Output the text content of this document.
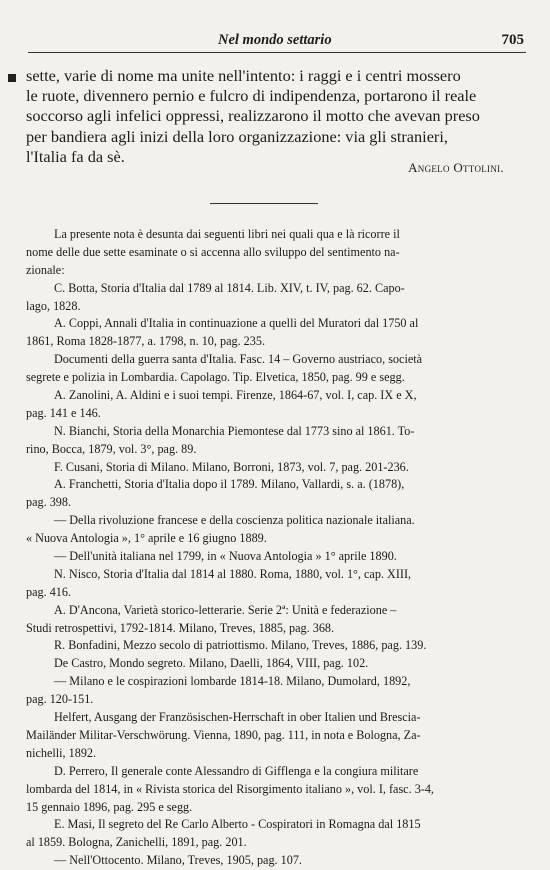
Nel mondo settario	705
sette, varie di nome ma unite nell'intento: i raggi e i centri mossero
le ruote, divennero pernio e fulcro di indipendenza, portarono il reale
soccorso agli infelici oppressi, realizzarono il motto che avevan preso
per bandiera agli inizi della loro organizzazione: via gli stranieri,
l'Italia fa da sè.
Angelo Ottolini.
La presente nota è desunta dai seguenti libri nei quali qua e là ricorre il
nome delle due sette esaminate o si accenna allo sviluppo del sentimento na-
zionale:
C. Botta, Storia d'Italia dal 1789 al 1814. Lib. XIV, t. IV, pag. 62. Capo-
lago, 1828.
A. Coppi, Annali d'Italia in continuazione a quelli del Muratori dal 1750 al
1861, Roma 1828-1877, a. 1798, n. 10, pag. 235.
Documenti della guerra santa d'Italia. Fasc. 14 – Governo austriaco, società
segrete e polizia in Lombardia. Capolago. Tip. Elvetica, 1850, pag. 99 e segg.
A. Zanolini, A. Aldini e i suoi tempi. Firenze, 1864-67, vol. I, cap. IX e X,
pag. 141 e 146.
N. Bianchi, Storia della Monarchia Piemontese dal 1773 sino al 1861. To-
rino, Bocca, 1879, vol. 3°, pag. 89.
F. Cusani, Storia di Milano. Milano, Borroni, 1873, vol. 7, pag. 201-236.
A. Franchetti, Storia d'Italia dopo il 1789. Milano, Vallardi, s. a. (1878),
pag. 398.
— Della rivoluzione francese e della coscienza politica nazionale italiana.
« Nuova Antologia », 1° aprile e 16 giugno 1889.
— Dell'unità italiana nel 1799, in « Nuova Antologia » 1° aprile 1890.
N. Nisco, Storia d'Italia dal 1814 al 1880. Roma, 1880, vol. 1°, cap. XIII,
pag. 416.
A. D'Ancona, Varietà storico-letterarie. Serie 2ª: Unità e federazione –
Studi retrospettivi, 1792-1814. Milano, Treves, 1885, pag. 368.
R. Bonfadini, Mezzo secolo di patriottismo. Milano, Treves, 1886, pag. 139.
De Castro, Mondo segreto. Milano, Daelli, 1864, VIII, pag. 102.
— Milano e le cospirazioni lombarde 1814-18. Milano, Dumolard, 1892,
pag. 120-151.
Helfert, Ausgang der Französischen-Herrschaft in ober Italien und Brescia-
Mailänder Militar-Verschwörung. Vienna, 1890, pag. 111, in nota e Bologna, Za-
nichelli, 1892.
D. Perrero, Il generale conte Alessandro di Gifflenga e la congiura militare
lombarda del 1814, in « Rivista storica del Risorgimento italiano », vol. I, fasc. 3-4,
15 gennaio 1896, pag. 295 e segg.
E. Masi, Il segreto del Re Carlo Alberto - Cospiratori in Romagna dal 1815
al 1859. Bologna, Zanichelli, 1891, pag. 201.
— Nell'Ottocento. Milano, Treves, 1905, pag. 107.
